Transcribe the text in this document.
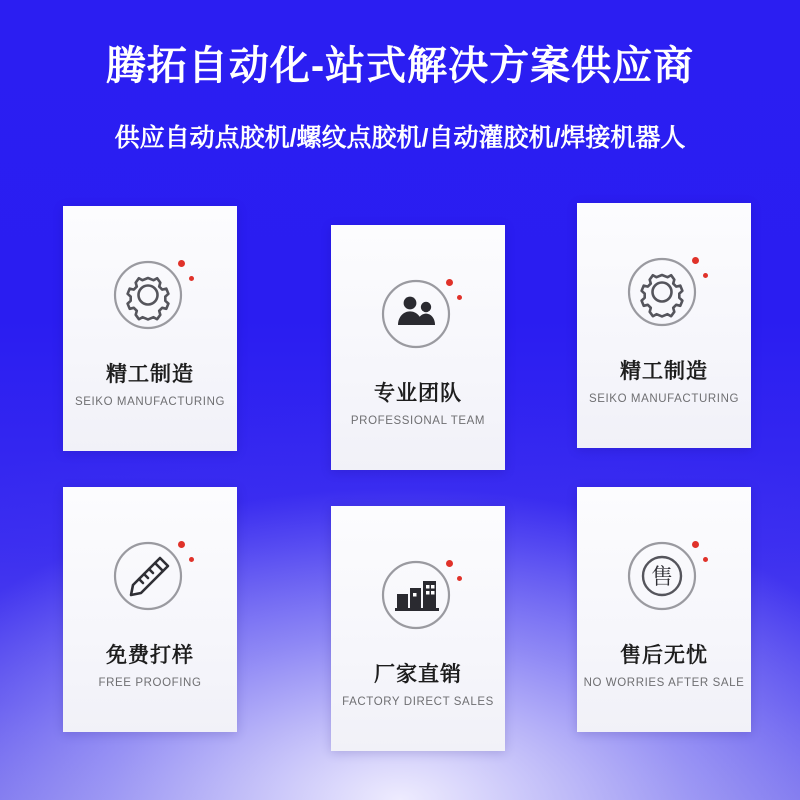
腾拓自动化-站式解决方案供应商
供应自动点胶机/螺纹点胶机/自动灌胶机/焊接机器人
精工制造
SEIKO MANUFACTURING	专业团队
PROFESSIONAL TEAM
精工制造
SEIKO MANUFACTURING
免费打样
FREE PROOFING	厂家直销
FACTORY DIRECT SALES
售
售后无忧
NO WORRIES AFTER SALE
